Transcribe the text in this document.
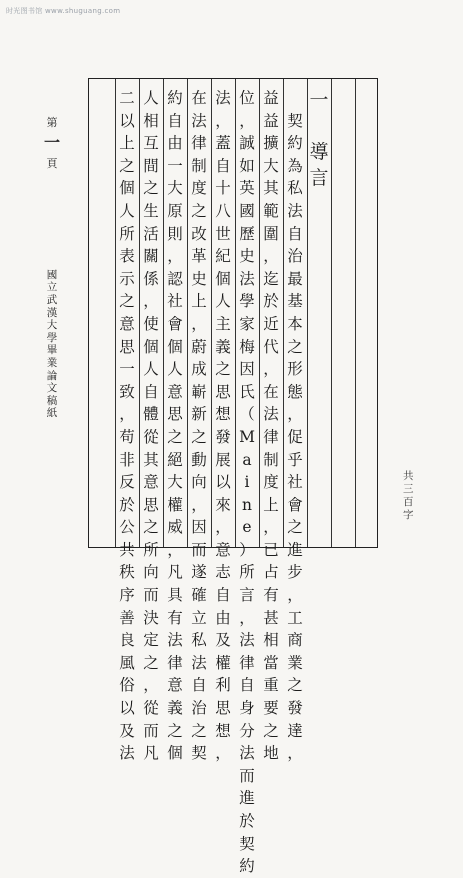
时光图书馆 www.shuguang.com
一
導
言

契
約
為
私
法
自
治
最
基
本
之
形
態
，
促
乎
社
會
之
進
步
，
工
商
業
之
發
達
，
益
益
擴
大
其
範
圍
，
迄
於
近
代
，
在
法
律
制
度
上
，
已
占
有
甚
相
當
重
要
之
地
位
，
誠
如
英
國
歷
史
法
學
家
梅
因
氏
（
M
a
i
n
e
）
所
言
，
法
律
自
身
分
法
而
進
於
契
約
法
，
蓋
自
十
八
世
紀
個
人
主
義
之
思
想
發
展
以
來
，
意
志
自
由
及
權
利
思
想
，
在
法
律
制
度
之
改
革
史
上
，
蔚
成
嶄
新
之
動
向
，
因
而
遂
確
立
私
法
自
治
之
契
約
自
由
一
大
原
則
，
認
社
會
個
人
意
思
之
絕
大
權
威
，
凡
具
有
法
律
意
義
之
個
人
相
互
間
之
生
活
關
係
，
使
個
人
自
體
從
其
意
思
之
所
向
而
決
定
之
，
從
而
凡
二
以
上
之
個
人
所
表
示
之
意
思
一
致
，
苟
非
反
於
公
共
秩
序
善
良
風
俗
以
及
法
第
一
頁
國
立
武
漢
大
學
畢
業
論
文
稿
紙
共
三
百
字
